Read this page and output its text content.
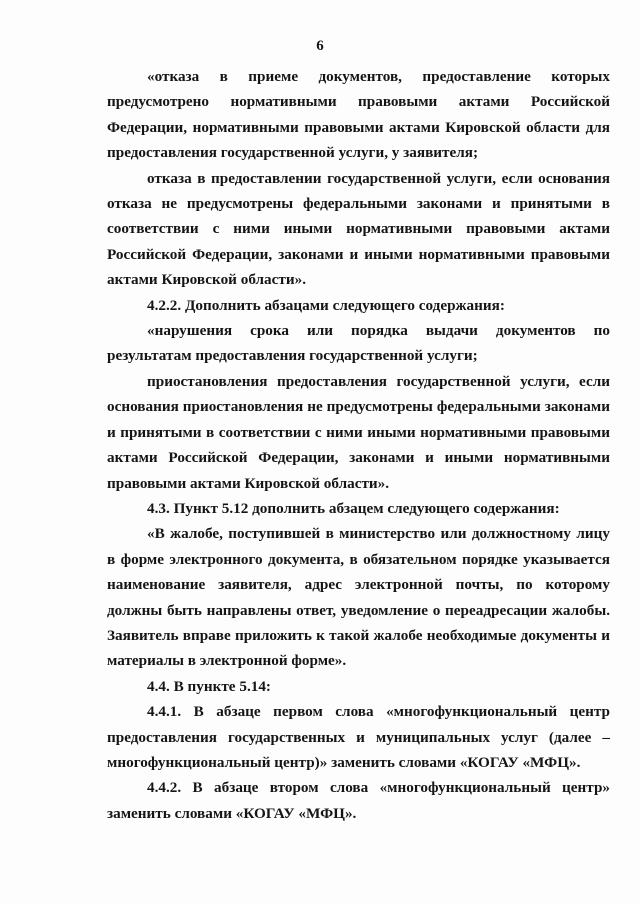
6

«отказа в приеме документов, предоставление которых предусмотрено нормативными правовыми актами Российской Федерации, нормативными правовыми актами Кировской области для предоставления государственной услуги, у заявителя;

отказа в предоставлении государственной услуги, если основания отказа не предусмотрены федеральными законами и принятыми в соответствии с ними иными нормативными правовыми актами Российской Федерации, законами и иными нормативными правовыми актами Кировской области».

4.2.2. Дополнить абзацами следующего содержания:

«нарушения срока или порядка выдачи документов по результатам предоставления государственной услуги;

приостановления предоставления государственной услуги, если основания приостановления не предусмотрены федеральными законами и принятыми в соответствии с ними иными нормативными правовыми актами Российской Федерации, законами и иными нормативными правовыми актами Кировской области».

4.3. Пункт 5.12 дополнить абзацем следующего содержания:

«В жалобе, поступившей в министерство или должностному лицу в форме электронного документа, в обязательном порядке указывается наименование заявителя, адрес электронной почты, по которому должны быть направлены ответ, уведомление о переадресации жалобы. Заявитель вправе приложить к такой жалобе необходимые документы и материалы в электронной форме».

4.4. В пункте 5.14:

4.4.1. В абзаце первом слова «многофункциональный центр предоставления государственных и муниципальных услуг (далее – многофункциональный центр)» заменить словами «КОГАУ «МФЦ».

4.4.2. В абзаце втором слова «многофункциональный центр» заменить словами «КОГАУ «МФЦ».
